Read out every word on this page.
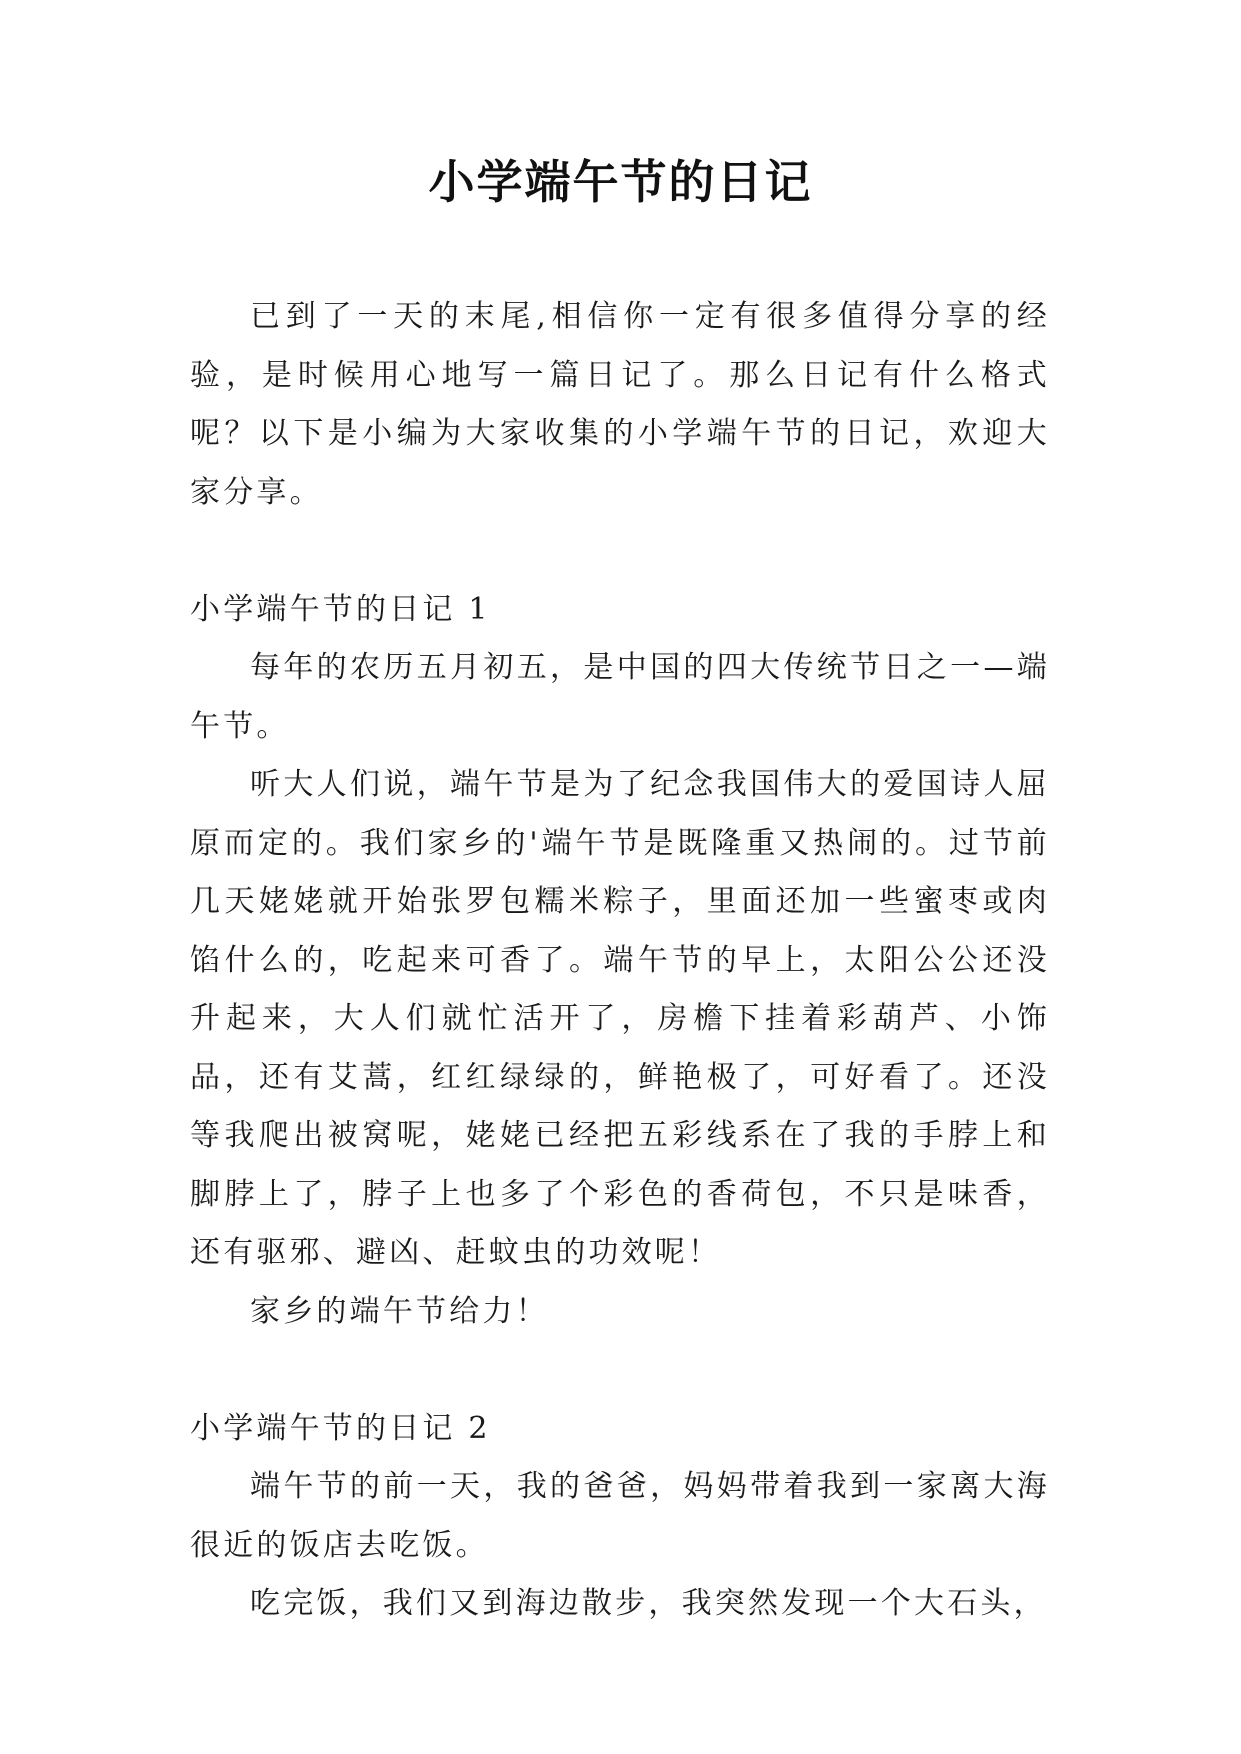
小学端午节的日记

已到了一天的末尾,相信你一定有很多值得分享的经验，是时候用心地写一篇日记了。那么日记有什么格式呢？以下是小编为大家收集的小学端午节的日记，欢迎大家分享。

小学端午节的日记 1

每年的农历五月初五，是中国的四大传统节日之一—端午节。

听大人们说，端午节是为了纪念我国伟大的爱国诗人屈原而定的。我们家乡的'端午节是既隆重又热闹的。过节前几天姥姥就开始张罗包糯米粽子，里面还加一些蜜枣或肉馅什么的，吃起来可香了。端午节的早上，太阳公公还没升起来，大人们就忙活开了，房檐下挂着彩葫芦、小饰品，还有艾蒿，红红绿绿的，鲜艳极了，可好看了。还没等我爬出被窝呢，姥姥已经把五彩线系在了我的手脖上和脚脖上了，脖子上也多了个彩色的香荷包，不只是味香，还有驱邪、避凶、赶蚊虫的功效呢！

家乡的端午节给力！

小学端午节的日记 2

端午节的前一天，我的爸爸，妈妈带着我到一家离大海很近的饭店去吃饭。

吃完饭，我们又到海边散步，我突然发现一个大石头，
